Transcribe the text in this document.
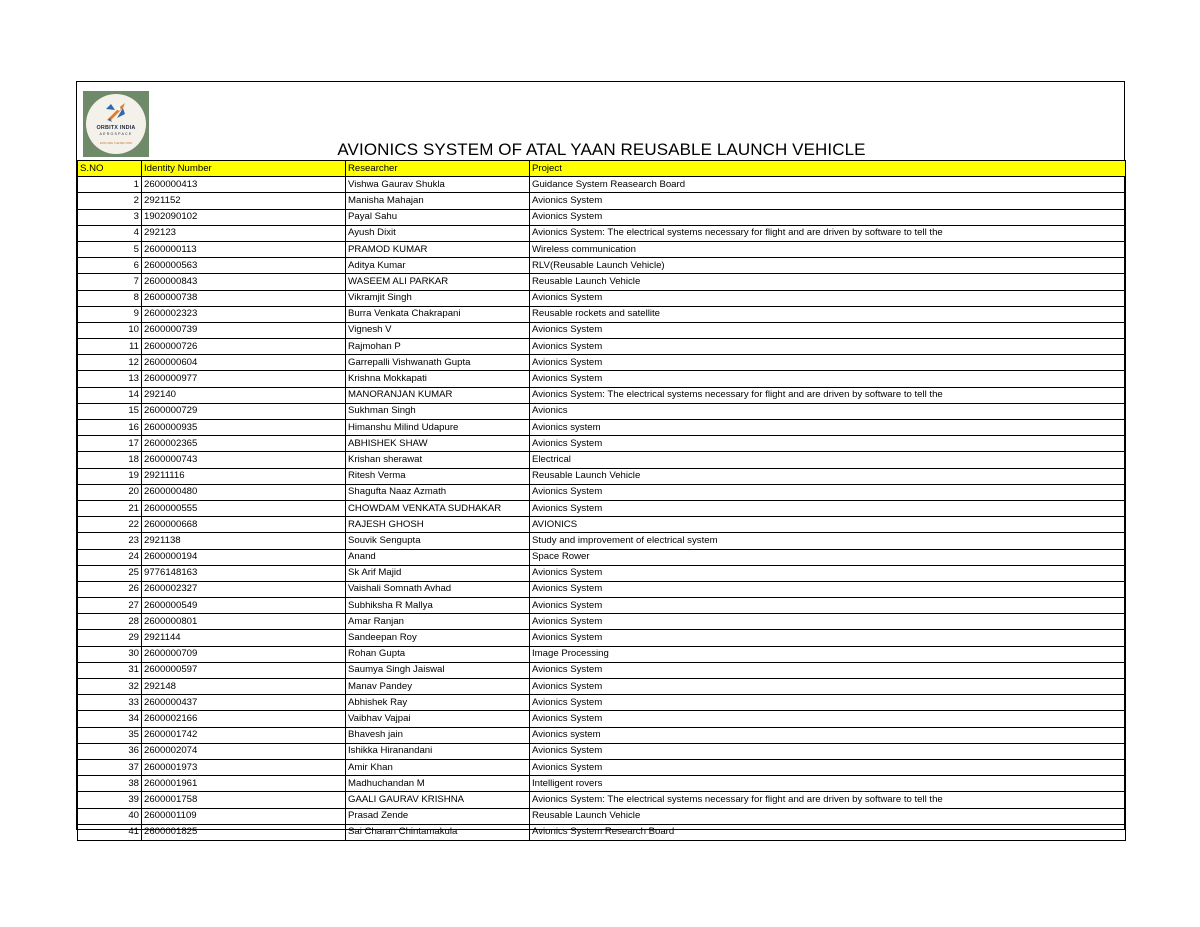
ORBITX INDIA
AEROSPACE
EXPLORE THE BEYOND	AVIONICS SYSTEM OF ATAL YAAN REUSABLE LAUNCH VEHICLE
S.NO	Identity Number	Researcher	Project
1	2600000413	Vishwa Gaurav Shukla	Guidance System Reasearch Board
2	2921152	Manisha Mahajan	Avionics System
3	1902090102	Payal Sahu	Avionics System
4	292123	Ayush Dixit	Avionics System: The electrical systems necessary for flight and are driven by software to tell the
5	2600000113	PRAMOD KUMAR	Wireless communication
6	2600000563	Aditya Kumar	RLV(Reusable Launch Vehicle)
7	2600000843	WASEEM ALI PARKAR	Reusable Launch Vehicle
8	2600000738	Vikramjit Singh	Avionics System
9	2600002323	Burra Venkata Chakrapani	Reusable rockets and satellite
10	2600000739	Vignesh V	Avionics System
11	2600000726	Rajmohan P	Avionics System
12	2600000604	Garrepalli Vishwanath Gupta	Avionics System
13	2600000977	Krishna Mokkapati	Avionics System
14	292140	MANORANJAN KUMAR	Avionics System: The electrical systems necessary for flight and are driven by software to tell the
15	2600000729	Sukhman Singh	Avionics
16	2600000935	Himanshu Milind Udapure	Avionics system
17	2600002365	ABHISHEK SHAW	Avionics System
18	2600000743	Krishan sherawat	Electrical
19	29211116	Ritesh Verma	Reusable Launch Vehicle
20	2600000480	Shagufta Naaz Azmath	Avionics System
21	2600000555	CHOWDAM VENKATA SUDHAKAR	Avionics System
22	2600000668	RAJESH GHOSH	AVIONICS
23	2921138	Souvik Sengupta	Study and improvement of electrical system
24	2600000194	Anand	Space Rower
25	9776148163	Sk Arif Majid	Avionics System
26	2600002327	Vaishali Somnath Avhad	Avionics System
27	2600000549	Subhiksha R Mallya	Avionics System
28	2600000801	Amar Ranjan	Avionics System
29	2921144	Sandeepan Roy	Avionics System
30	2600000709	Rohan Gupta	Image Processing
31	2600000597	Saumya Singh Jaiswal	Avionics System
32	292148	Manav Pandey	Avionics System
33	2600000437	Abhishek Ray	Avionics System
34	2600002166	Vaibhav Vajpai	Avionics System
35	2600001742	Bhavesh jain	Avionics system
36	2600002074	Ishikka Hiranandani	Avionics System
37	2600001973	Amir Khan	Avionics System
38	2600001961	Madhuchandan M	Intelligent rovers
39	2600001758	GAALI GAURAV KRISHNA	Avionics System: The electrical systems necessary for flight and are driven by software to tell the
40	2600001109	Prasad Zende	Reusable Launch Vehicle
41	2600001825	Sai Charan Chintamakula	Avionics System Research Board
